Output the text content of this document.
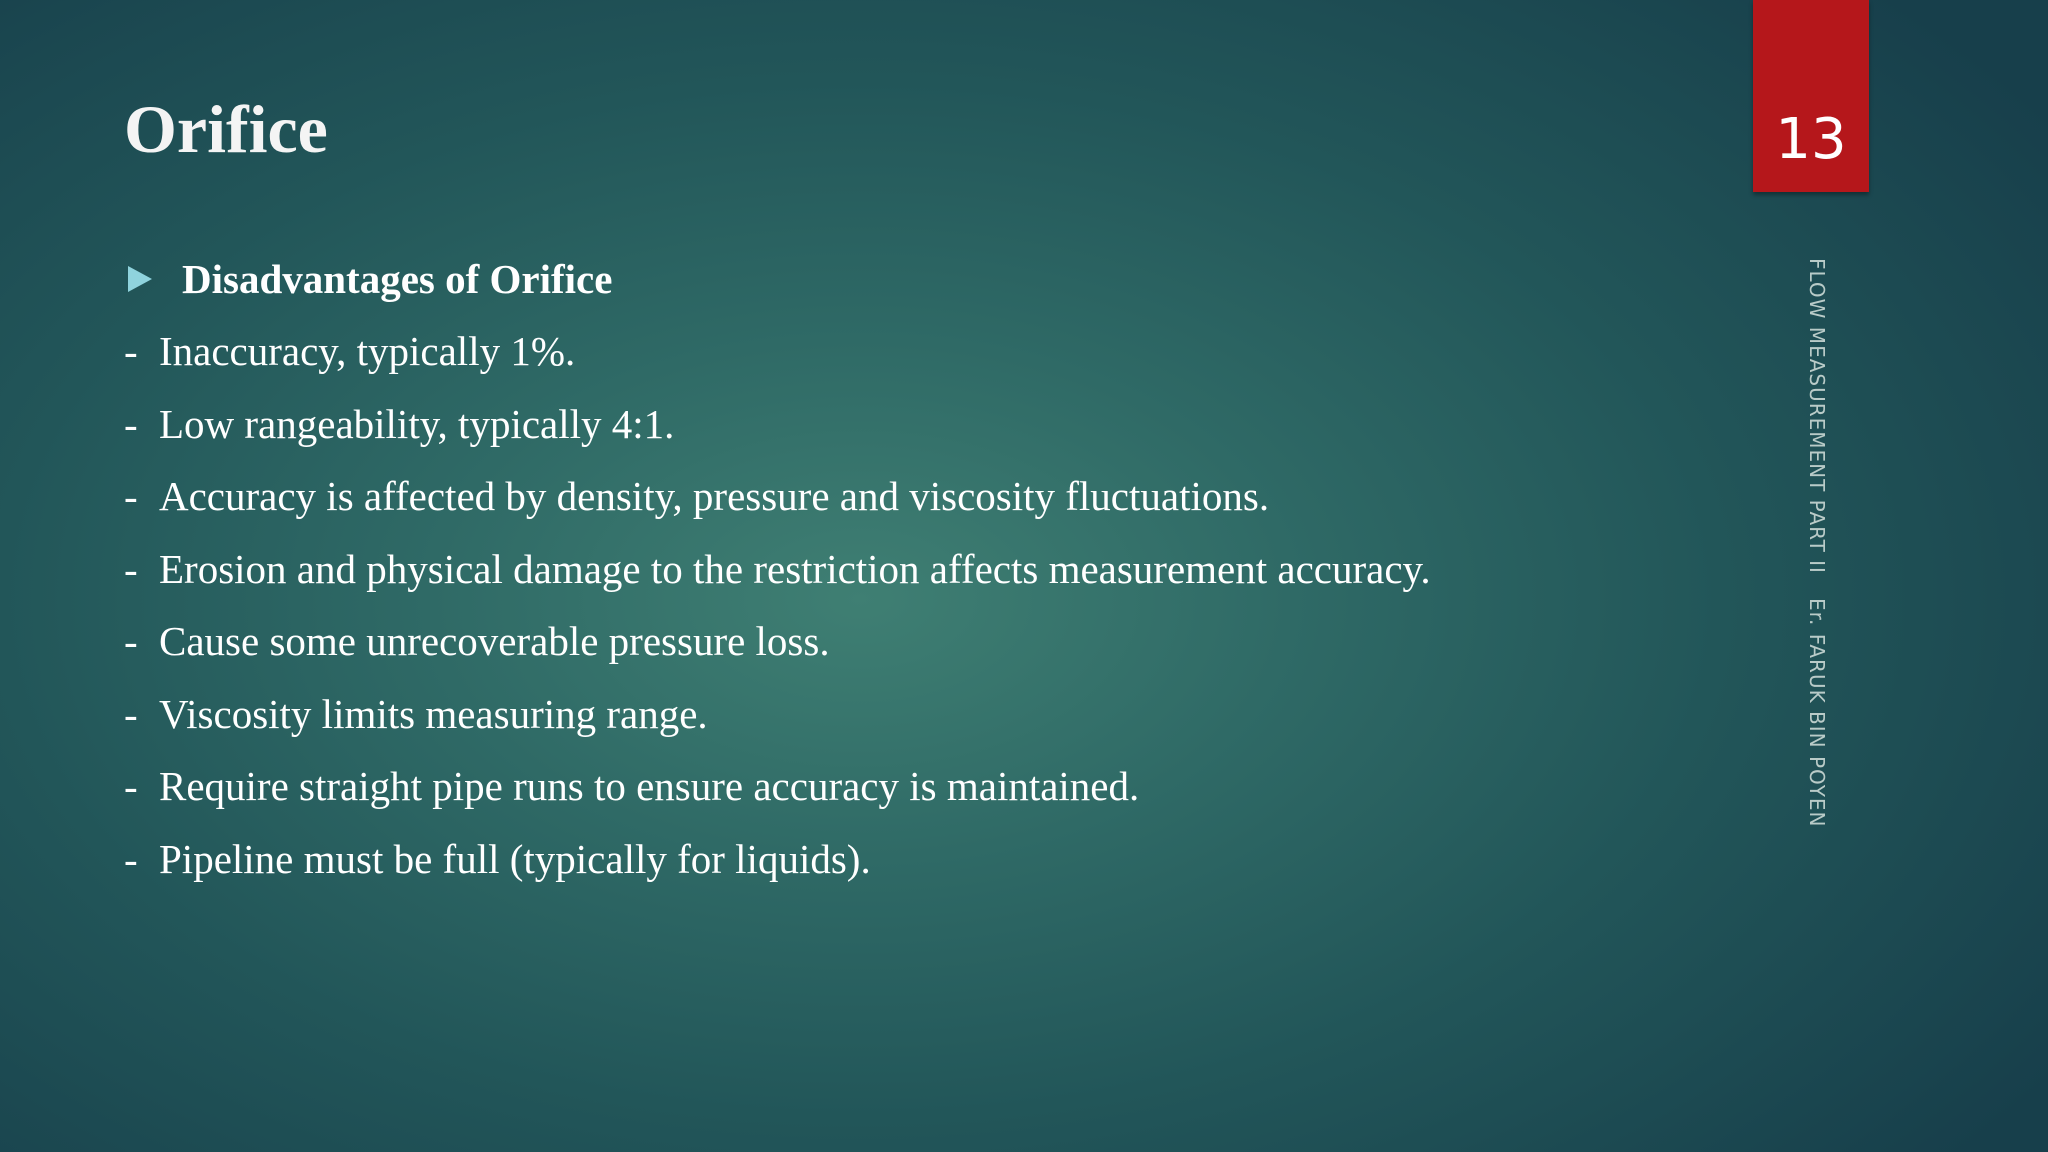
Orifice	13
FLOW MEASUREMENT PART IIEr. FARUK BIN POYEN
Disadvantages of Orifice
- Inaccuracy, typically 1%.
- Low rangeability, typically 4:1.
- Accuracy is affected by density, pressure and viscosity fluctuations.
- Erosion and physical damage to the restriction affects measurement accuracy.
- Cause some unrecoverable pressure loss.
- Viscosity limits measuring range.
- Require straight pipe runs to ensure accuracy is maintained.
- Pipeline must be full (typically for liquids).
